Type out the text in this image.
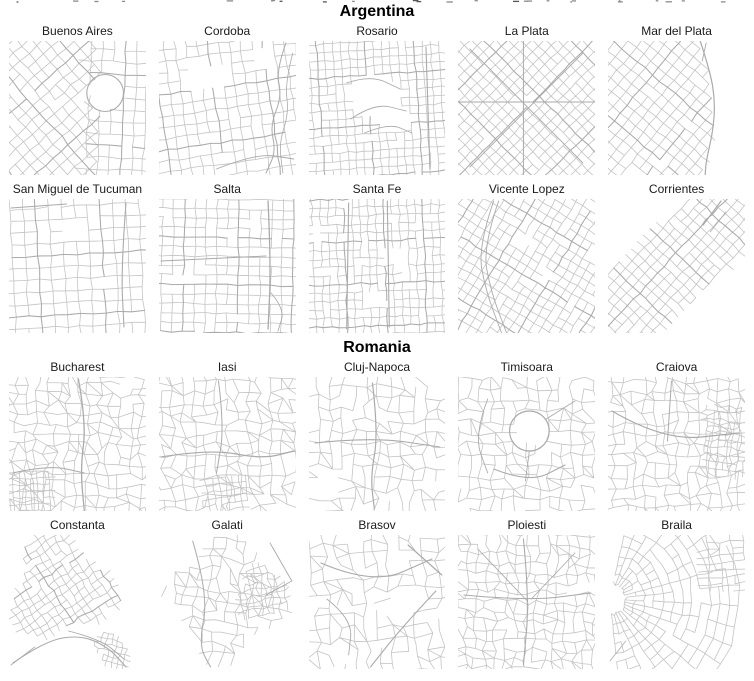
Argentina
Buenos Aires	Cordoba	Rosario	La Plata	Mar del Plata
San Miguel de Tucuman	Salta	Santa Fe	Vicente Lopez	Corrientes
Romania
Bucharest	Iasi	Cluj-Napoca	Timisoara	Craiova
Constanta	Galati	Brasov	Ploiesti	Braila
